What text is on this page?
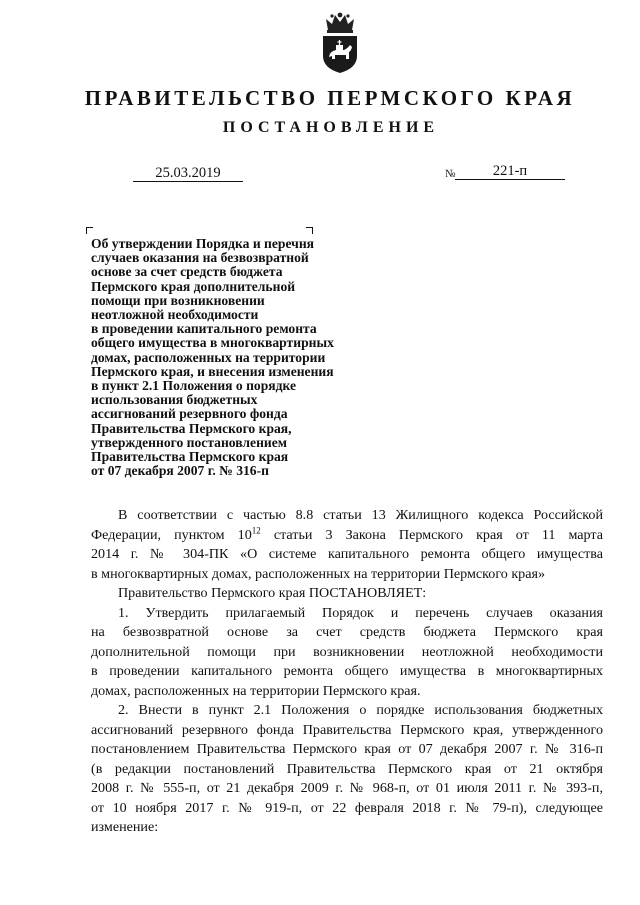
ПРАВИТЕЛЬСТВО ПЕРМСКОГО КРАЯ
ПОСТАНОВЛЕНИЕ
25.03.2019	№	221-п
Об утверждении Порядка и перечня
случаев оказания на безвозвратной
основе за счет средств бюджета
Пермского края дополнительной
помощи при возникновении
неотложной необходимости
в проведении капитального ремонта
общего имущества в многоквартирных
домах, расположенных на территории
Пермского края, и внесения изменения
в пункт 2.1 Положения о порядке
использования бюджетных
ассигнований резервного фонда
Правительства Пермского края,
утвержденного постановлением
Правительства Пермского края
от 07 декабря 2007 г. № 316-п
В соответствии с частью 8.8 статьи 13 Жилищного кодекса Российской
Федерации, пунктом $10^{12}$ статьи 3 Закона Пермского края от 11 марта
2014 г. № 304-ПК «О системе капитального ремонта общего имущества
в многоквартирных домах, расположенных на территории Пермского края»
Правительство Пермского края ПОСТАНОВЛЯЕТ:
1. Утвердить прилагаемый Порядок и перечень случаев оказания
на безвозвратной основе за счет средств бюджета Пермского края
дополнительной помощи при возникновении неотложной необходимости
в проведении капитального ремонта общего имущества в многоквартирных
домах, расположенных на территории Пермского края.
2. Внести в пункт 2.1 Положения о порядке использования бюджетных
ассигнований резервного фонда Правительства Пермского края, утвержденного
постановлением Правительства Пермского края от 07 декабря 2007 г. № 316-п
(в редакции постановлений Правительства Пермского края от 21 октября
2008 г. № 555-п, от 21 декабря 2009 г. № 968-п, от 01 июля 2011 г. № 393-п,
от 10 ноября 2017 г. № 919-п, от 22 февраля 2018 г. № 79-п), следующее
изменение:
